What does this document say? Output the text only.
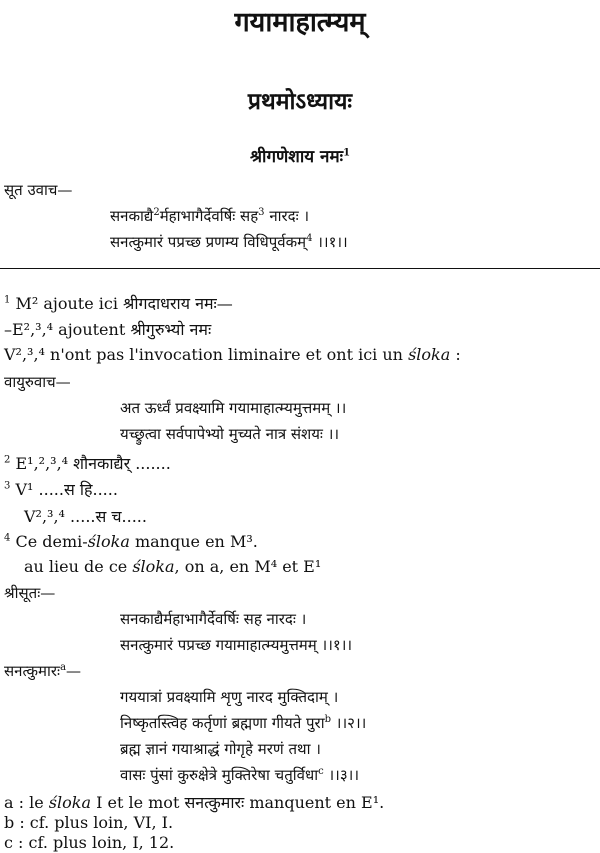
गयामाहात्म्यम्
प्रथमोऽध्यायः
श्रीगणेशाय नमः$^1$
सूत उवाच—
सनकाद्यै$^2$र्महाभागैर्देवर्षिः सह$^3$ नारदः ।
सनत्कुमारं पप्रच्छ प्रणम्य विधिपूर्वकम्$^4$ ।।१।।
$^1$ M² ajoute ici श्रीगदाधराय नमः—
–E²,³,⁴ ajoutent श्रीगुरुभ्यो नमः
V²,³,⁴ n'ont pas l'invocation liminaire et ont ici un śloka :
वायुरुवाच—
अत ऊर्ध्वं प्रवक्ष्यामि गयामाहात्म्यमुत्तमम् ।।
यच्छ्रुत्वा सर्वपापेभ्यो मुच्यते नात्र संशयः ।।
$^2$ E¹,²,³,⁴ शौनकाद्यैर् .......
$^3$ V¹ .....स हि.....
V²,³,⁴ .....स च.....
$^4$ Ce demi-śloka manque en M³.
au lieu de ce śloka, on a, en M⁴ et E¹
श्रीसूतः—
सनकाद्यैर्महाभागैर्देवर्षिः सह नारदः ।
सनत्कुमारं पप्रच्छ गयामाहात्म्यमुत्तमम् ।।१।।
सनत्कुमारः$^a$—
गययात्रां प्रवक्ष्यामि शृणु नारद मुक्तिदाम् ।
निष्कृतस्त्विह कर्तृणां ब्रह्मणा गीयते पुरा$^b$ ।।२।।
ब्रह्म ज्ञानं गयाश्राद्धं गोगृहे मरणं तथा ।
वासः पुंसां कुरुक्षेत्रे मुक्तिरेषा चतुर्विधा$^c$ ।।३।।
a : le śloka I et le mot सनत्कुमारः manquent en E¹.
b : cf. plus loin, VI, I.
c : cf. plus loin, I, 12.
